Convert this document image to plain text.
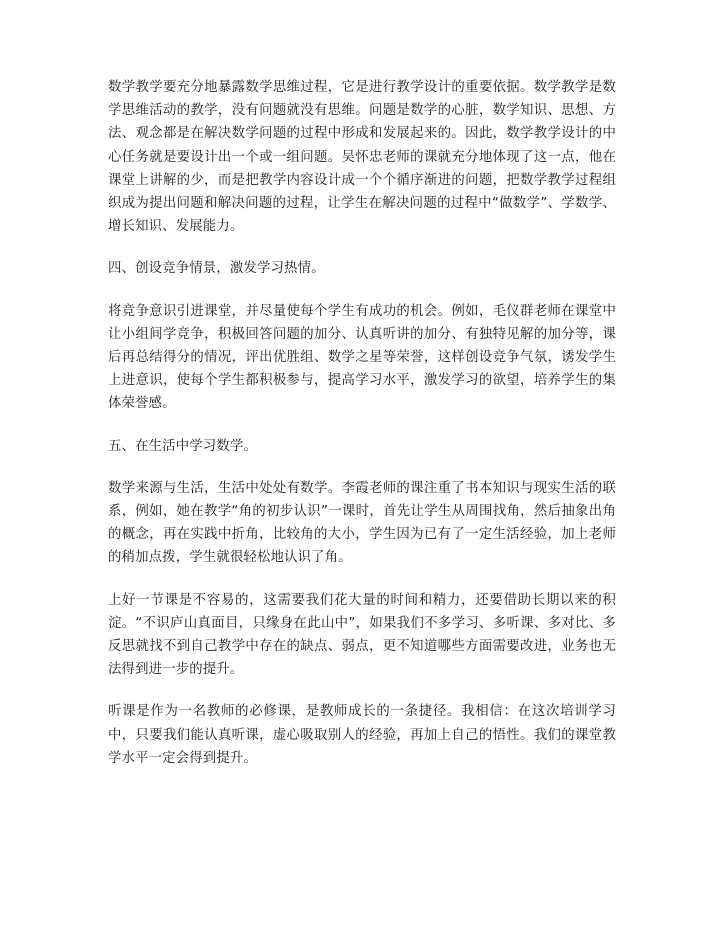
数学教学要充分地暴露数学思维过程，它是进行教学设计的重要依据。数学教学是数学思维活动的教学，没有问题就没有思维。问题是数学的心脏，数学知识、思想、方法、观念都是在解决数学问题的过程中形成和发展起来的。因此，数学教学设计的中心任务就是要设计出一个或一组问题。吴怀忠老师的课就充分地体现了这一点，他在课堂上讲解的少，而是把教学内容设计成一个个循序渐进的问题，把数学教学过程组织成为提出问题和解决问题的过程，让学生在解决问题的过程中“做数学”、学数学、增长知识、发展能力。

四、创设竞争情景，激发学习热情。

将竞争意识引进课堂，并尽量使每个学生有成功的机会。例如，毛仪群老师在课堂中让小组间学竞争，积极回答问题的加分、认真听讲的加分、有独特见解的加分等，课后再总结得分的情况，评出优胜组、数学之星等荣誉，这样创设竞争气氛，诱发学生上进意识，使每个学生都积极参与，提高学习水平，激发学习的欲望，培养学生的集体荣誉感。

五、在生活中学习数学。

数学来源与生活，生活中处处有数学。李霞老师的课注重了书本知识与现实生活的联系，例如，她在教学“角的初步认识”一课时，首先让学生从周围找角，然后抽象出角的概念，再在实践中折角，比较角的大小，学生因为已有了一定生活经验，加上老师的稍加点拨，学生就很轻松地认识了角。

上好一节课是不容易的，这需要我们花大量的时间和精力，还要借助长期以来的积淀。“不识庐山真面目，只缘身在此山中”，如果我们不多学习、多听课、多对比、多反思就找不到自己教学中存在的缺点、弱点，更不知道哪些方面需要改进，业务也无法得到进一步的提升。

听课是作为一名教师的必修课，是教师成长的一条捷径。我相信：在这次培训学习中，只要我们能认真听课，虚心吸取别人的经验，再加上自己的悟性。我们的课堂教学水平一定会得到提升。
